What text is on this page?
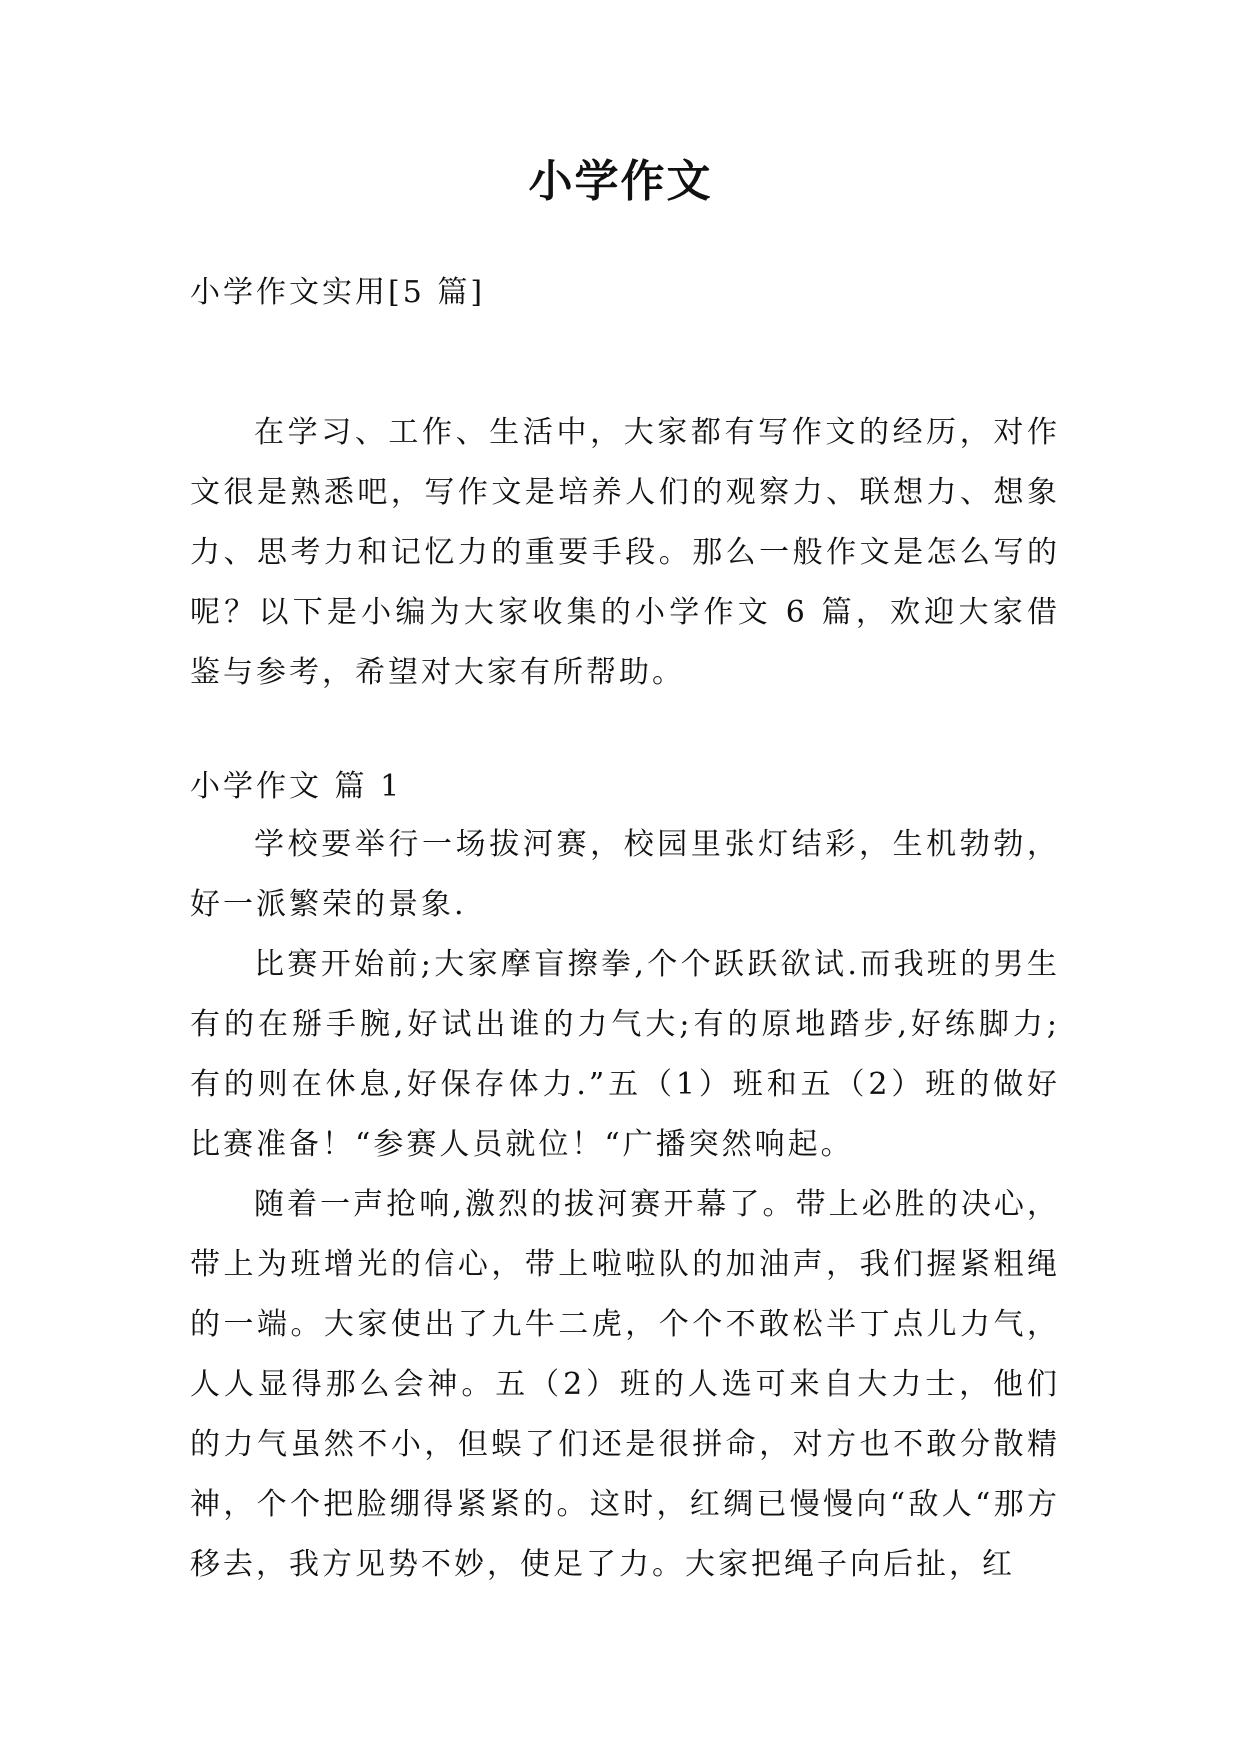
小学作文
小学作文实用[5 篇]

在学习、工作、生活中，大家都有写作文的经历，对作文很是熟悉吧，写作文是培养人们的观察力、联想力、想象力、思考力和记忆力的重要手段。那么一般作文是怎么写的呢？以下是小编为大家收集的小学作文 6 篇，欢迎大家借鉴与参考，希望对大家有所帮助。

小学作文 篇 1

学校要举行一场拔河赛，校园里张灯结彩，生机勃勃，好一派繁荣的景象.

比赛开始前;大家摩盲擦拳,个个跃跃欲试.而我班的男生有的在掰手腕,好试出谁的力气大;有的原地踏步,好练脚力;有的则在休息,好保存体力.”五（1）班和五（2）班的做好比赛准备！“参赛人员就位！“广播突然响起。

随着一声抢响,激烈的拔河赛开幕了。带上必胜的决心，带上为班增光的信心，带上啦啦队的加油声，我们握紧粗绳的一端。大家使出了九牛二虎，个个不敢松半丁点儿力气，人人显得那么会神。五（2）班的人选可来自大力士，他们的力气虽然不小，但蜈了们还是很拼命，对方也不敢分散精神，个个把脸绷得紧紧的。这时，红绸已慢慢向“敌人“那方移去，我方见势不妙，使足了力。大家把绳子向后扯，红
